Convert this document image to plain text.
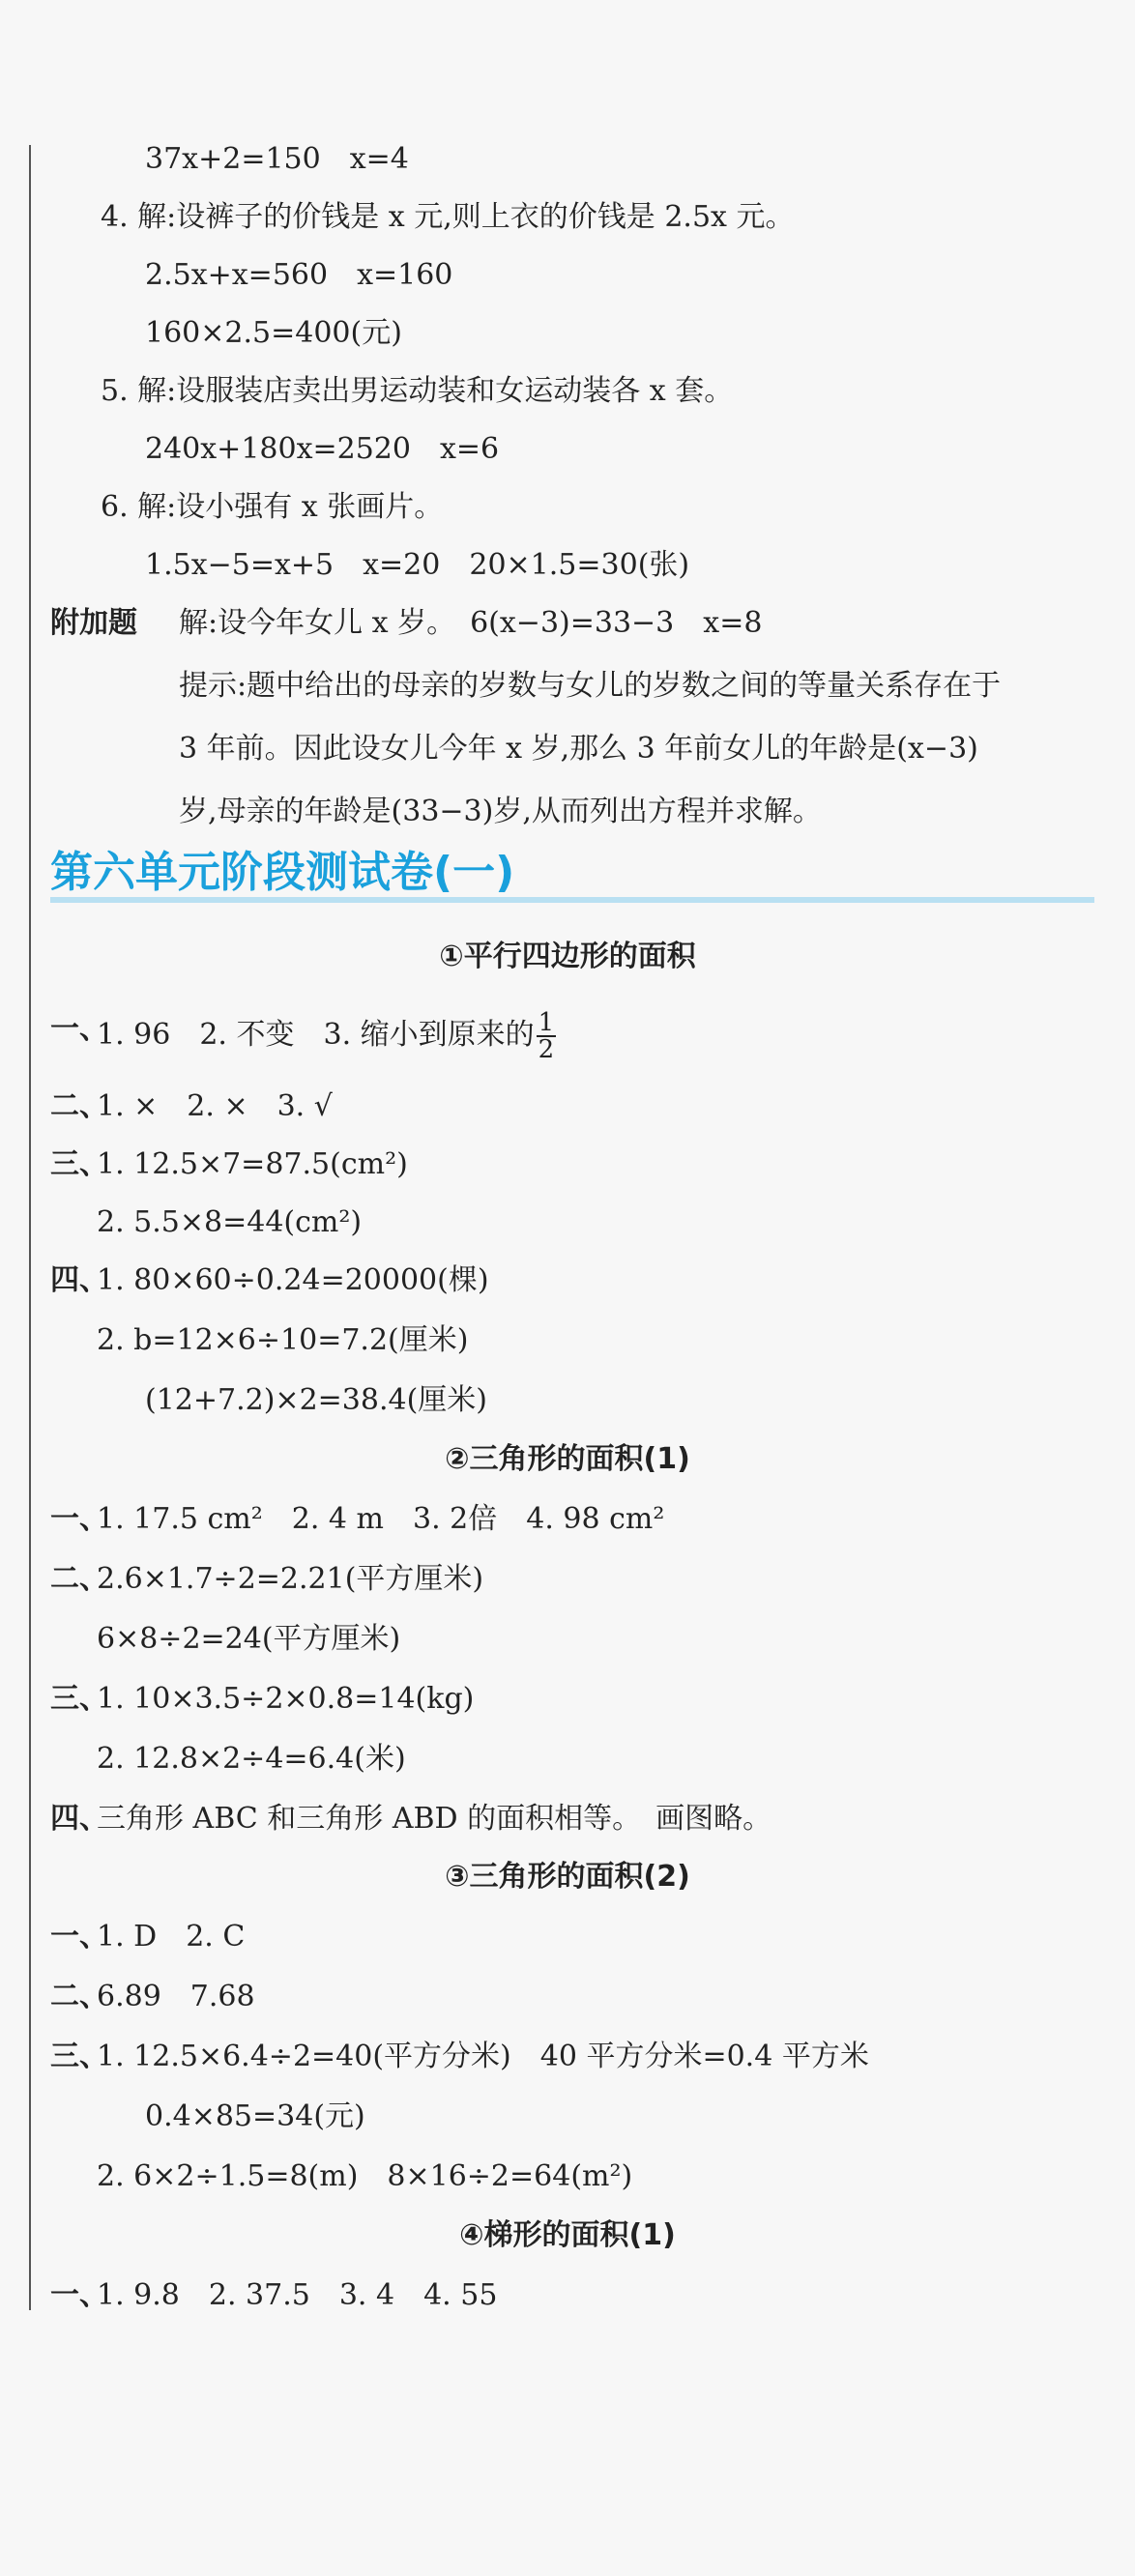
37x+2=150　x=4
4. 解:设裤子的价钱是 x 元,则上衣的价钱是 2.5x 元。
2.5x+x=560　x=160
160×2.5=400(元)
5. 解:设服装店卖出男运动装和女运动装各 x 套。
240x+180x=2520　x=6
6. 解:设小强有 x 张画片。
1.5x−5=x+5　x=20　20×1.5=30(张)
附加题 解:设今年女儿 x 岁。　6(x−3)=33−3　x=8
提示:题中给出的母亲的岁数与女儿的岁数之间的等量关系存在于
3 年前。因此设女儿今年 x 岁,那么 3 年前女儿的年龄是(x−3)
岁,母亲的年龄是(33−3)岁,从而列出方程并求解。
第六单元阶段测试卷(一)
①平行四边形的面积
一、
1. 96　2. 不变　3. 缩小到原来的 $\frac{1}{2}$
二、
1. ×　2. ×　3. √
三、
1. 12.5×7=87.5(cm²)
2. 5.5×8=44(cm²)
四、
1. 80×60÷0.24=20000(棵)
2. b=12×6÷10=7.2(厘米)
(12+7.2)×2=38.4(厘米)
②三角形的面积(1)
一、
1. 17.5 cm²　2. 4 m　3. 2倍　4. 98 cm²
二、
2.6×1.7÷2=2.21(平方厘米)
6×8÷2=24(平方厘米)
三、
1. 10×3.5÷2×0.8=14(kg)
2. 12.8×2÷4=6.4(米)
四、
三角形 ABC 和三角形 ABD 的面积相等。　画图略。
③三角形的面积(2)
一、
1. D　2. C
二、
6.89　7.68
三、
1. 12.5×6.4÷2=40(平方分米)　40 平方分米=0.4 平方米
0.4×85=34(元)
2. 6×2÷1.5=8(m)　8×16÷2=64(m²)
④梯形的面积(1)
一、
1. 9.8　2. 37.5　3. 4　4. 55
